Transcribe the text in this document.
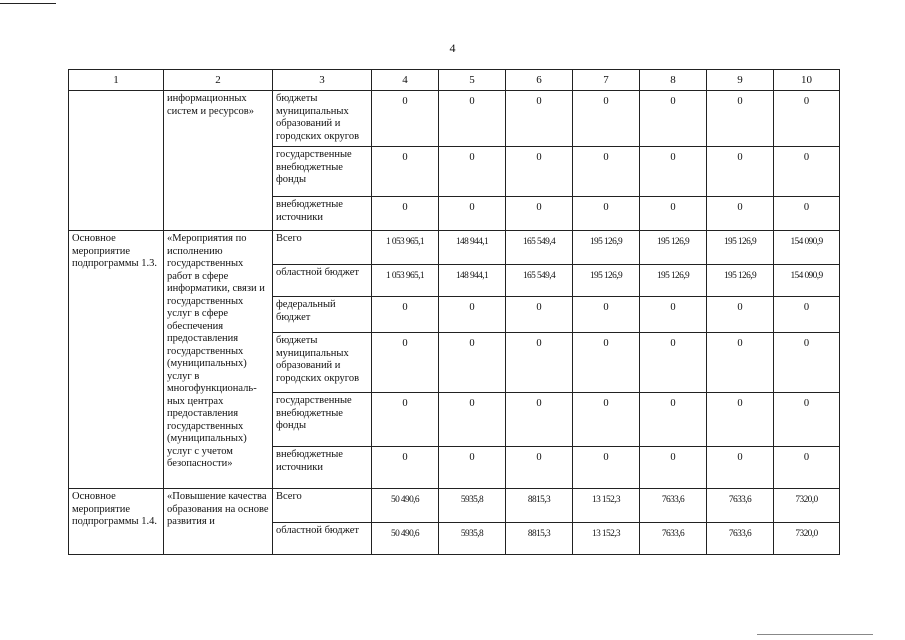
4
1	2	3	4	5	6	7	8	9	10
	информационных систем и ресурсов»	бюджеты муниципальных образований и городских округов	0	0	0	0	0	0	0
		государственные внебюджетные фонды	0	0	0	0	0	0	0
		внебюджетные источники	0	0	0	0	0	0	0
Основное мероприятие подпрограммы 1.3.	«Мероприятия по исполнению государственных работ в сфере информатики, связи и государственных услуг в сфере обеспечения предоставления государственных (муниципальных) услуг в многофункциональ-ных центрах предоставления государственных (муниципальных) услуг с учетом безопасности»	Всего	1 053 965,1	148 944,1	165 549,4	195 126,9	195 126,9	195 126,9	154 090,9
		областной бюджет	1 053 965,1	148 944,1	165 549,4	195 126,9	195 126,9	195 126,9	154 090,9
		федеральный бюджет	0	0	0	0	0	0	0
		бюджеты муниципальных образований и городских округов	0	0	0	0	0	0	0
		государственные внебюджетные фонды	0	0	0	0	0	0	0
		внебюджетные источники	0	0	0	0	0	0	0
Основное мероприятие подпрограммы 1.4.	«Повышение качества образования на основе развития и	Всего	50 490,6	5935,8	8815,3	13 152,3	7633,6	7633,6	7320,0
		областной бюджет	50 490,6	5935,8	8815,3	13 152,3	7633,6	7633,6	7320,0
